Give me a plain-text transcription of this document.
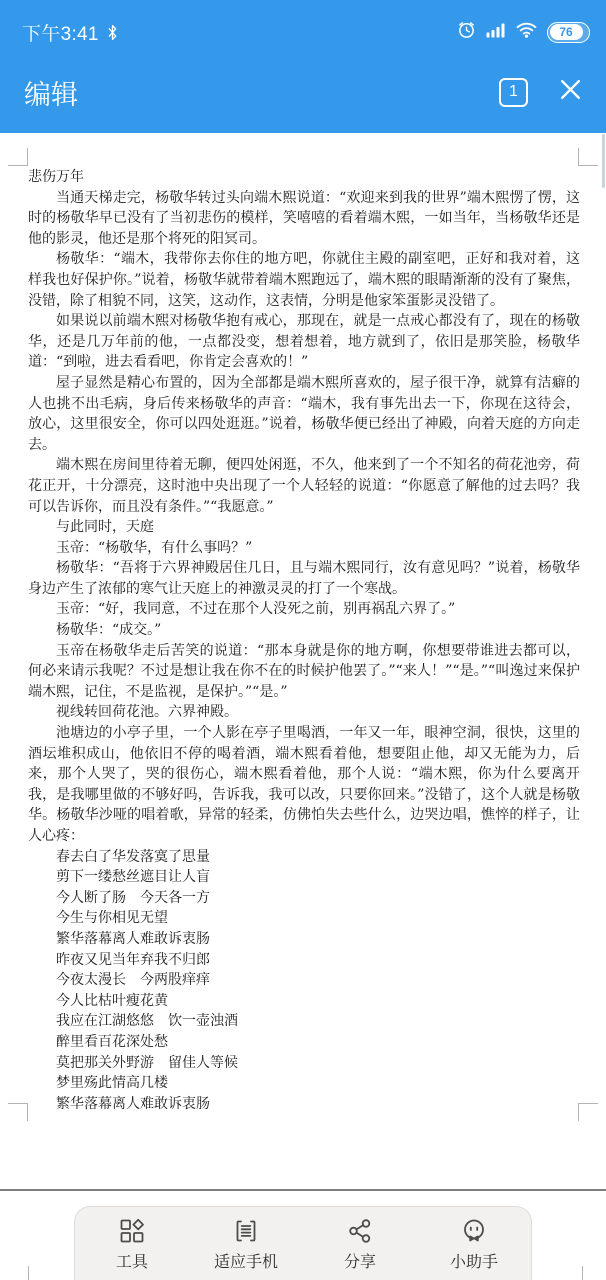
下午3:41	76
编辑	1

悲伤万年

当通天梯走完，杨敬华转过头向端木熙说道：“欢迎来到我的世界”端木熙愣了愣，这时的杨敬华早已没有了当初悲伤的模样，笑嘻嘻的看着端木熙，一如当年，当杨敬华还是他的影灵，他还是那个将死的阳冥司。

杨敬华：“端木，我带你去你住的地方吧，你就住主殿的副室吧，正好和我对着，这样我也好保护你。”说着，杨敬华就带着端木熙跑远了，端木熙的眼睛渐渐的没有了聚焦，没错，除了相貌不同，这笑，这动作，这表情，分明是他家笨蛋影灵没错了。

如果说以前端木熙对杨敬华抱有戒心，那现在，就是一点戒心都没有了，现在的杨敬华，还是几万年前的他，一点都没变，想着想着，地方就到了，依旧是那笑脸，杨敬华道：“到啦，进去看看吧，你肯定会喜欢的！”

屋子显然是精心布置的，因为全部都是端木熙所喜欢的，屋子很干净，就算有洁癖的人也挑不出毛病，身后传来杨敬华的声音：“端木，我有事先出去一下，你现在这待会，放心，这里很安全，你可以四处逛逛。”说着，杨敬华便已经出了神殿，向着天庭的方向走去。

端木熙在房间里待着无聊，便四处闲逛，不久，他来到了一个不知名的荷花池旁，荷花正开，十分漂亮，这时池中央出现了一个人轻轻的说道：“你愿意了解他的过去吗？我可以告诉你，而且没有条件。”“我愿意。”

与此同时，天庭

玉帝：“杨敬华，有什么事吗？”

杨敬华：“吾将于六界神殿居住几日，且与端木熙同行，汝有意见吗？”说着，杨敬华身边产生了浓郁的寒气让天庭上的神激灵灵的打了一个寒战。

玉帝：“好，我同意，不过在那个人没死之前，别再祸乱六界了。”

杨敬华：“成交。”

玉帝在杨敬华走后苦笑的说道：“那本身就是你的地方啊，你想要带谁进去都可以，何必来请示我呢？不过是想让我在你不在的时候护他罢了。”“来人！”“是。”“叫逸过来保护端木熙，记住，不是监视，是保护。”“是。”

视线转回荷花池。六界神殿。

池塘边的小亭子里，一个人影在亭子里喝酒，一年又一年，眼神空洞，很快，这里的酒坛堆积成山，他依旧不停的喝着酒，端木熙看着他，想要阻止他，却又无能为力，后来，那个人哭了，哭的很伤心，端木熙看着他，那个人说：“端木熙，你为什么要离开我，是我哪里做的不够好吗，告诉我，我可以改，只要你回来。”没错了，这个人就是杨敬华。杨敬华沙哑的唱着歌，异常的轻柔，仿佛怕失去些什么，边哭边唱，憔悴的样子，让人心疼：

春去白了华发落寞了思量

剪下一缕愁丝遮目让人盲

今人断了肠　今天各一方

今生与你相见无望

繁华落幕离人难敢诉衷肠

昨夜又见当年弃我不归郎

今夜太漫长　今两股痒痒

今人比枯叶瘦花黄

我应在江湖悠悠　饮一壶浊酒

醉里看百花深处愁

莫把那关外野游　留佳人等候

梦里殇此情高几楼

繁华落幕离人难敢诉衷肠

工具	适应手机	分享	小助手
